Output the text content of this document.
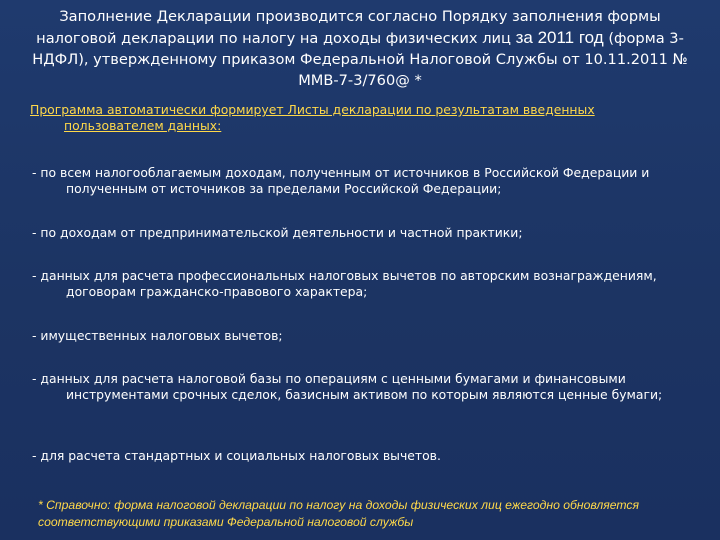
Заполнение Декларации производится согласно Порядку заполнения формы налоговой декларации по налогу на доходы физических лиц за 2011 год (форма 3-НДФЛ), утвержденному приказом Федеральной Налоговой Службы от 10.11.2011 № ММВ-7-3/760@ *

Программа автоматически формирует Листы декларации по результатам введенных пользователем данных:

- по всем налогооблагаемым доходам, полученным от источников в Российской Федерации и полученным от источников за пределами Российской Федерации;

- по доходам от предпринимательской деятельности и частной практики;

- данных для расчета профессиональных налоговых вычетов по авторским вознаграждениям, договорам гражданско-правового характера;

- имущественных налоговых вычетов;

- данных для расчета налоговой базы по операциям с ценными бумагами и финансовыми инструментами срочных сделок, базисным активом по которым являются ценные бумаги;

- для расчета стандартных и социальных налоговых вычетов.

* Справочно: форма налоговой декларации по налогу на доходы физических лиц ежегодно обновляется соответствующими приказами Федеральной налоговой службы
